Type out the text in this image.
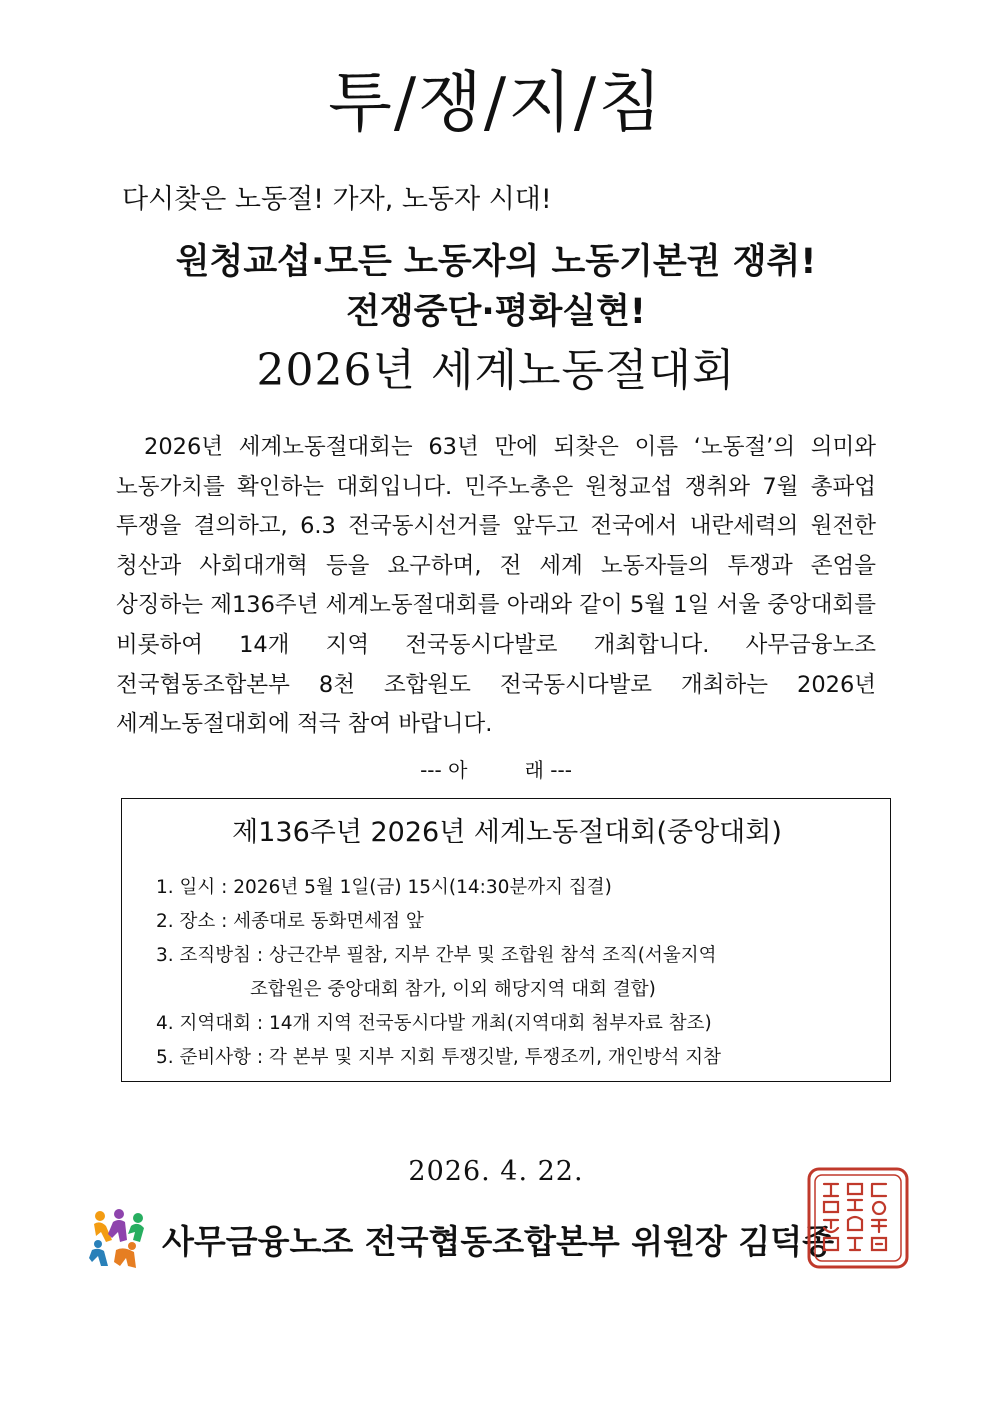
투/쟁/지/침
다시찾은 노동절! 가자, 노동자 시대!
원청교섭·모든 노동자의 노동기본권 쟁취!
전쟁중단·평화실현!
2026년 세계노동절대회
2026년 세계노동절대회는 63년 만에 되찾은 이름 ‘노동절’의 의미와 노동가치를 확인하는 대회입니다. 민주노총은 원청교섭 쟁취와 7월 총파업 투쟁을 결의하고, 6.3 전국동시선거를 앞두고 전국에서 내란세력의 원전한 청산과 사회대개혁 등을 요구하며, 전 세계 노동자들의 투쟁과 존엄을 상징하는 제136주년 세계노동절대회를 아래와 같이 5월 1일 서울 중앙대회를 비롯하여 14개 지역 전국동시다발로 개최합니다. 사무금융노조 전국협동조합본부 8천 조합원도 전국동시다발로 개최하는 2026년 세계노동절대회에 적극 참여 바랍니다.
--- 아         래 ---
제136주년 2026년 세계노동절대회(중앙대회)
1. 일시 : 2026년 5월 1일(금) 15시(14:30분까지 집결)
2. 장소 : 세종대로 동화면세점 앞
3. 조직방침 : 상근간부 필참, 지부 간부 및 조합원 참석 조직(서울지역
조합원은 중앙대회 참가, 이외 해당지역 대회 결합)
4. 지역대회 : 14개 지역 전국동시다발 개최(지역대회 첨부자료 참조)
5. 준비사항 : 각 본부 및 지부 지회 투쟁깃발, 투쟁조끼, 개인방석 지참
2026. 4. 22.
사무금융노조 전국협동조합본부 위원장 김덕종
